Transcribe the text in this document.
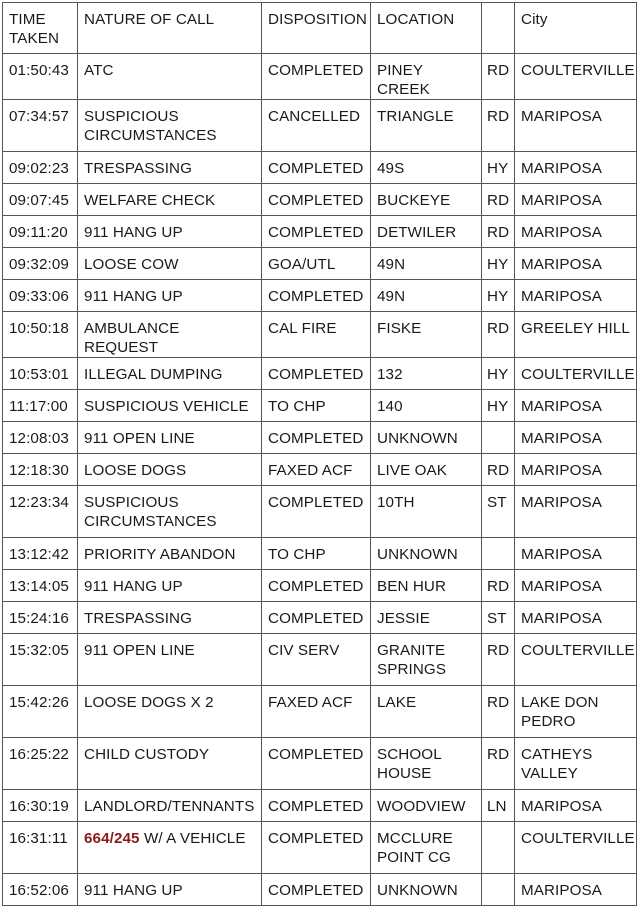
TIME TAKEN	NATURE OF CALL	DISPOSITION	LOCATION		City
01:50:43	ATC	COMPLETED	PINEY CREEK	RD	COULTERVILLE
07:34:57	SUSPICIOUS CIRCUMSTANCES	CANCELLED	TRIANGLE	RD	MARIPOSA
09:02:23	TRESPASSING	COMPLETED	49S	HY	MARIPOSA
09:07:45	WELFARE CHECK	COMPLETED	BUCKEYE	RD	MARIPOSA
09:11:20	911 HANG UP	COMPLETED	DETWILER	RD	MARIPOSA
09:32:09	LOOSE COW	GOA/UTL	49N	HY	MARIPOSA
09:33:06	911 HANG UP	COMPLETED	49N	HY	MARIPOSA
10:50:18	AMBULANCE REQUEST	CAL FIRE	FISKE	RD	GREELEY HILL
10:53:01	ILLEGAL DUMPING	COMPLETED	132	HY	COULTERVILLE
11:17:00	SUSPICIOUS VEHICLE	TO CHP	140	HY	MARIPOSA
12:08:03	911 OPEN LINE	COMPLETED	UNKNOWN		MARIPOSA
12:18:30	LOOSE DOGS	FAXED ACF	LIVE OAK	RD	MARIPOSA
12:23:34	SUSPICIOUS CIRCUMSTANCES	COMPLETED	10TH	ST	MARIPOSA
13:12:42	PRIORITY ABANDON	TO CHP	UNKNOWN		MARIPOSA
13:14:05	911 HANG UP	COMPLETED	BEN HUR	RD	MARIPOSA
15:24:16	TRESPASSING	COMPLETED	JESSIE	ST	MARIPOSA
15:32:05	911 OPEN LINE	CIV SERV	GRANITE SPRINGS	RD	COULTERVILLE
15:42:26	LOOSE DOGS X 2	FAXED ACF	LAKE	RD	LAKE DON PEDRO
16:25:22	CHILD CUSTODY	COMPLETED	SCHOOL HOUSE	RD	CATHEYS VALLEY
16:30:19	LANDLORD/TENNANTS	COMPLETED	WOODVIEW	LN	MARIPOSA
16:31:11	664/245 W/ A VEHICLE	COMPLETED	MCCLURE POINT CG		COULTERVILLE
16:52:06	911 HANG UP	COMPLETED	UNKNOWN		MARIPOSA
